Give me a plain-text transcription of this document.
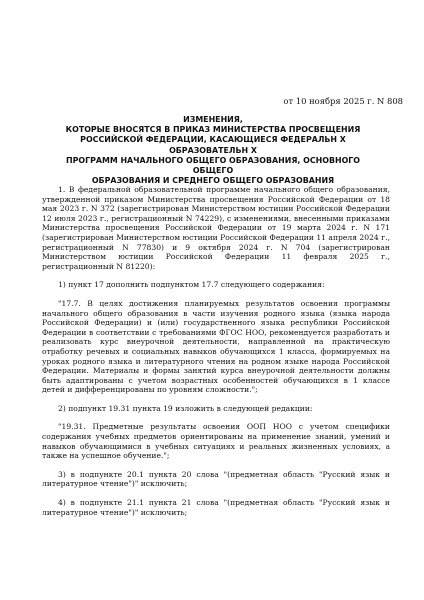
от 10 ноября 2025 г. N 808
ИЗМЕНЕНИЯ,
КОТОРЫЕ ВНОСЯТСЯ В ПРИКАЗ МИНИСТЕРСТВА ПРОСВЕЩЕНИЯ
РОССИЙСКОЙ ФЕДЕРАЦИИ, КАСАЮЩИЕСЯ ФЕДЕРАЛЬН Х
ОБРАЗОВАТЕЛЬН Х
ПРОГРАММ НАЧАЛЬНОГО ОБЩЕГО ОБРАЗОВАНИЯ, ОСНОВНОГО
ОБЩЕГО
ОБРАЗОВАНИЯ И СРЕДНЕГО ОБЩЕГО ОБРАЗОВАНИЯ

1. В федеральной образовательной программе начального общего образования, утвержденной приказом Министерства просвещения Российской Федерации от 18 мая 2023 г. N 372 (зарегистрирован Министерством юстиции Российской Федерации 12 июля 2023 г., регистрационный N 74229), с изменениями, внесенными приказами Министерства просвещения Российской Федерации от 19 марта 2024 г. N 171 (зарегистрирован Министерством юстиции Российской Федерации 11 апреля 2024 г., регистрационный N 77830) и 9 октября 2024 г. N 704 (зарегистрирован Министерством юстиции Российской Федерации 11 февраля 2025 г., регистрационный N 81220):

1) пункт 17 дополнить подпунктом 17.7 следующего содержания:

"17.7. В целях достижения планируемых результатов освоения программы начального общего образования в части изучения родного языка (языка народа Российской Федерации) и (или) государственного языка республики Российской Федерации в соответствии с требованиями ФГОС НОО, рекомендуется разработать и реализовать курс внеурочной деятельности, направленной на практическую отработку речевых и социальных навыков обучающихся 1 класса, формируемых на уроках родного языка и литературного чтения на родном языке народа Российской Федерации. Материалы и формы занятий курса внеурочной деятельности должны быть адаптированы с учетом возрастных особенностей обучающихся в 1 классе детей и дифференцированы по уровням сложности.";

2) подпункт 19.31 пункта 19 изложить в следующей редакции:

"19.31. Предметные результаты освоения ООП НОО с учетом специфики содержания учебных предметов ориентированы на применение знаний, умений и навыков обучающимися в учебных ситуациях и реальных жизненных условиях, а также на успешное обучение.";

3) в подпункте 20.1 пункта 20 слова "(предметная область "Русский язык и литературное чтение")" исключить;

4) в подпункте 21.1 пункта 21 слова "(предметная область "Русский язык и литературное чтение")" исключить;
